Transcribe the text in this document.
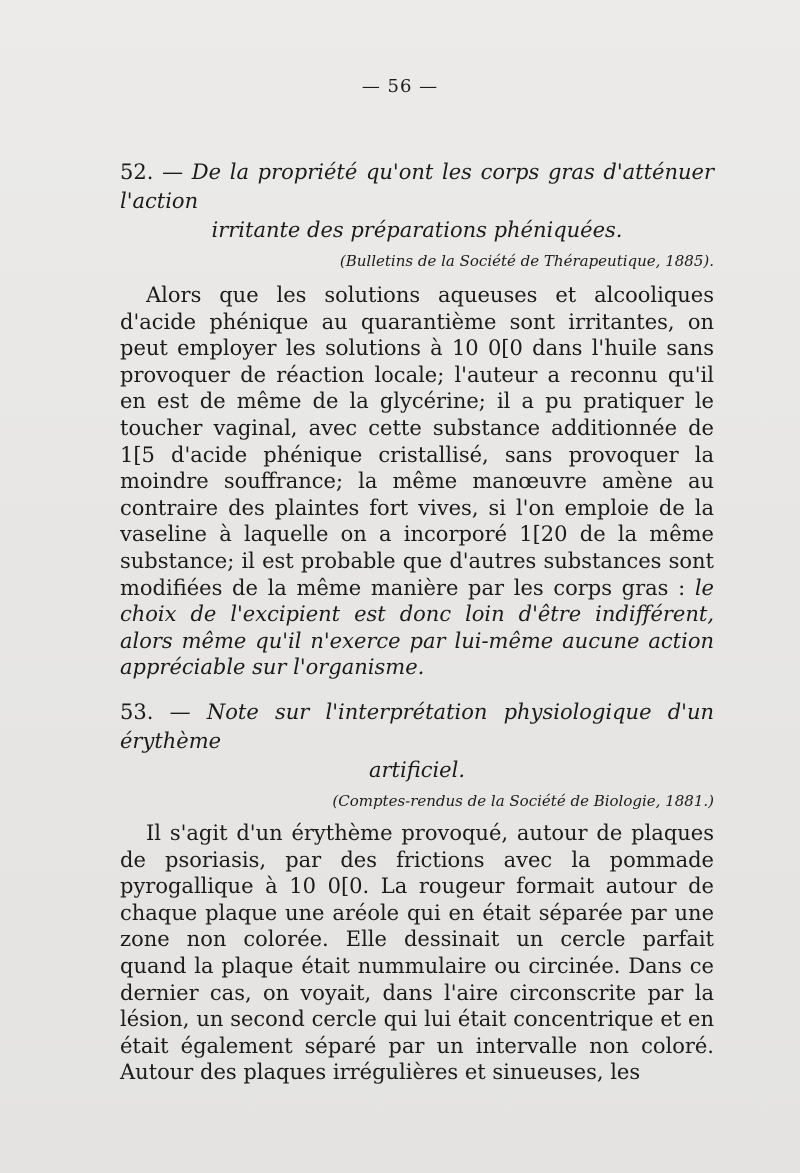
— 56 —
52. — De la propriété qu'ont les corps gras d'atténuer l'action
irritante des préparations phéniquées.
(Bulletins de la Société de Thérapeutique, 1885).

Alors que les solutions aqueuses et alcooliques d'acide phénique au quarantième sont irritantes, on peut employer les solutions à 10 0[0 dans l'huile sans provoquer de réaction locale; l'auteur a reconnu qu'il en est de même de la glycérine; il a pu pratiquer le toucher vaginal, avec cette substance additionnée de 1[5 d'acide phénique cristallisé, sans provoquer la moindre souffrance; la même manœuvre amène au contraire des plaintes fort vives, si l'on emploie de la vaseline à laquelle on a incorporé 1[20 de la même substance; il est probable que d'autres substances sont modifiées de la même manière par les corps gras : le choix de l'excipient est donc loin d'être indifférent, alors même qu'il n'exerce par lui-même aucune action appréciable sur l'organisme.

53. — Note sur l'interprétation physiologique d'un érythème
artificiel.
(Comptes-rendus de la Société de Biologie, 1881.)

Il s'agit d'un érythème provoqué, autour de plaques de psoriasis, par des frictions avec la pommade pyrogallique à 10 0[0. La rougeur formait autour de chaque plaque une aréole qui en était séparée par une zone non colorée. Elle dessinait un cercle parfait quand la plaque était nummulaire ou circinée. Dans ce dernier cas, on voyait, dans l'aire circonscrite par la lésion, un second cercle qui lui était concentrique et en était également séparé par un intervalle non coloré. Autour des plaques irrégulières et sinueuses, les
